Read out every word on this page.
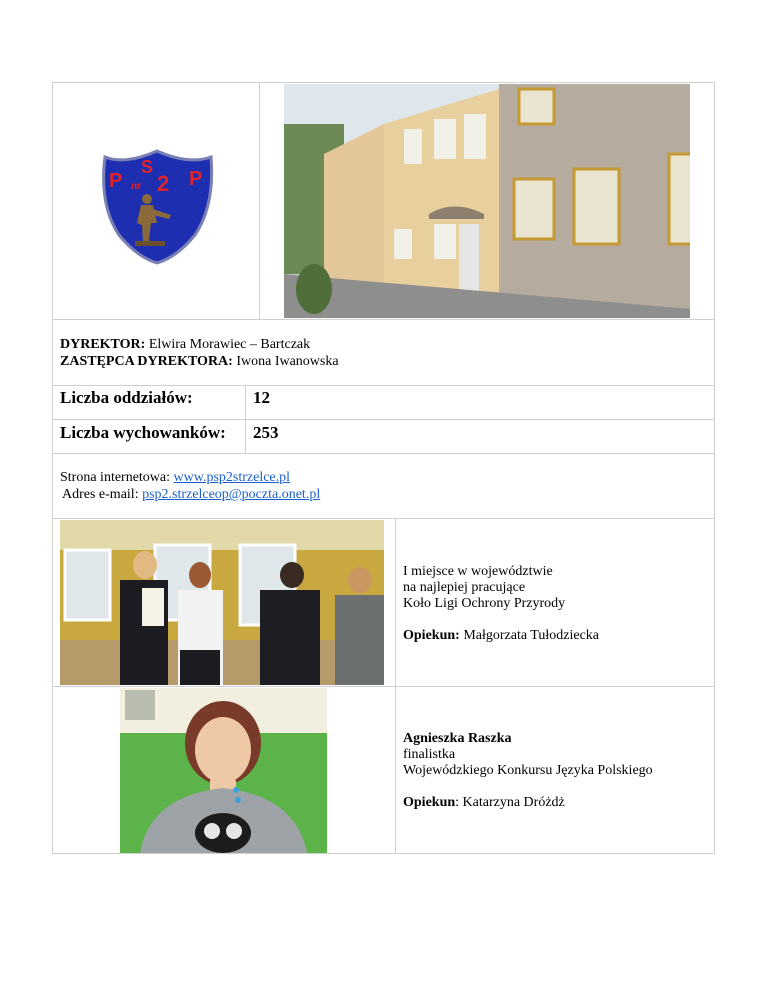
P
S
2 P
nr
DYREKTOR: Elwira Morawiec – Bartczak
ZASTĘPCA DYREKTORA: Iwona Iwanowska
Liczba oddziałów:	12
Liczba wychowanków: 253
Strona internetowa: www.psp2strzelce.pl
Adres e-mail: psp2.strzelceop@poczta.onet.pl
I miejsce w województwie
na najlepiej pracujące
Koło Ligi Ochrony Przyrody
Opiekun: Małgorzata Tułodziecka
Agnieszka Raszka
finalistka
Wojewódzkiego Konkursu Języka Polskiego
Opiekun: Katarzyna Dróżdż
